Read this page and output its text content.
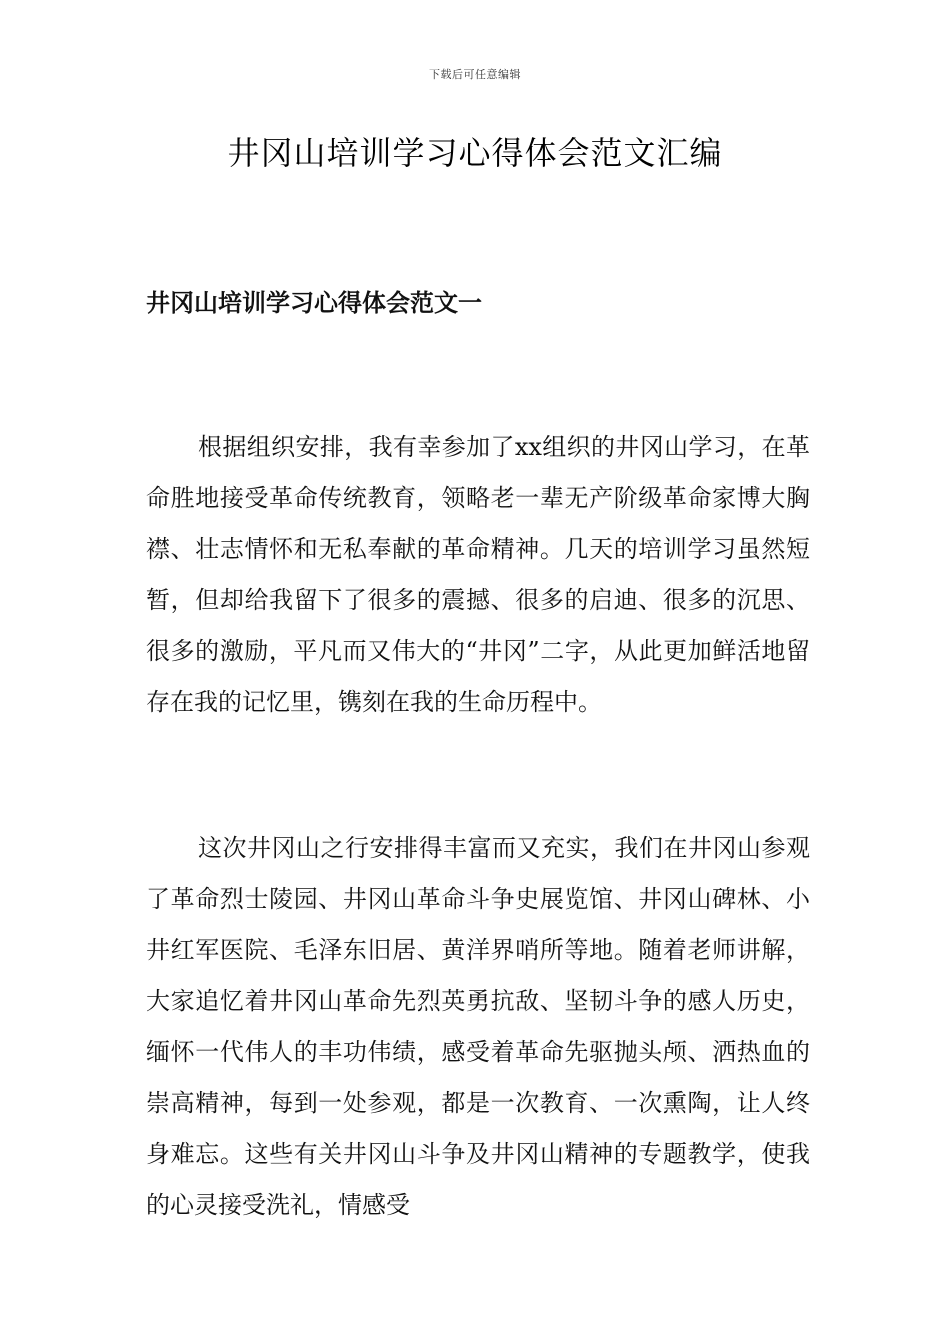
下载后可任意编辑
井冈山培训学习心得体会范文汇编
井冈山培训学习心得体会范文一

根据组织安排，我有幸参加了xx组织的井冈山学习，在革命胜地接受革命传统教育，领略老一辈无产阶级革命家博大胸襟、壮志情怀和无私奉献的革命精神。几天的培训学习虽然短暂，但却给我留下了很多的震撼、很多的启迪、很多的沉思、很多的激励，平凡而又伟大的“井冈”二字，从此更加鲜活地留存在我的记忆里，镌刻在我的生命历程中。

这次井冈山之行安排得丰富而又充实，我们在井冈山参观了革命烈士陵园、井冈山革命斗争史展览馆、井冈山碑林、小井红军医院、毛泽东旧居、黄洋界哨所等地。随着老师讲解，大家追忆着井冈山革命先烈英勇抗敌、坚韧斗争的感人历史，缅怀一代伟人的丰功伟绩，感受着革命先驱抛头颅、洒热血的崇高精神，每到一处参观，都是一次教育、一次熏陶，让人终身难忘。这些有关井冈山斗争及井冈山精神的专题教学，使我的心灵接受洗礼，情感受
